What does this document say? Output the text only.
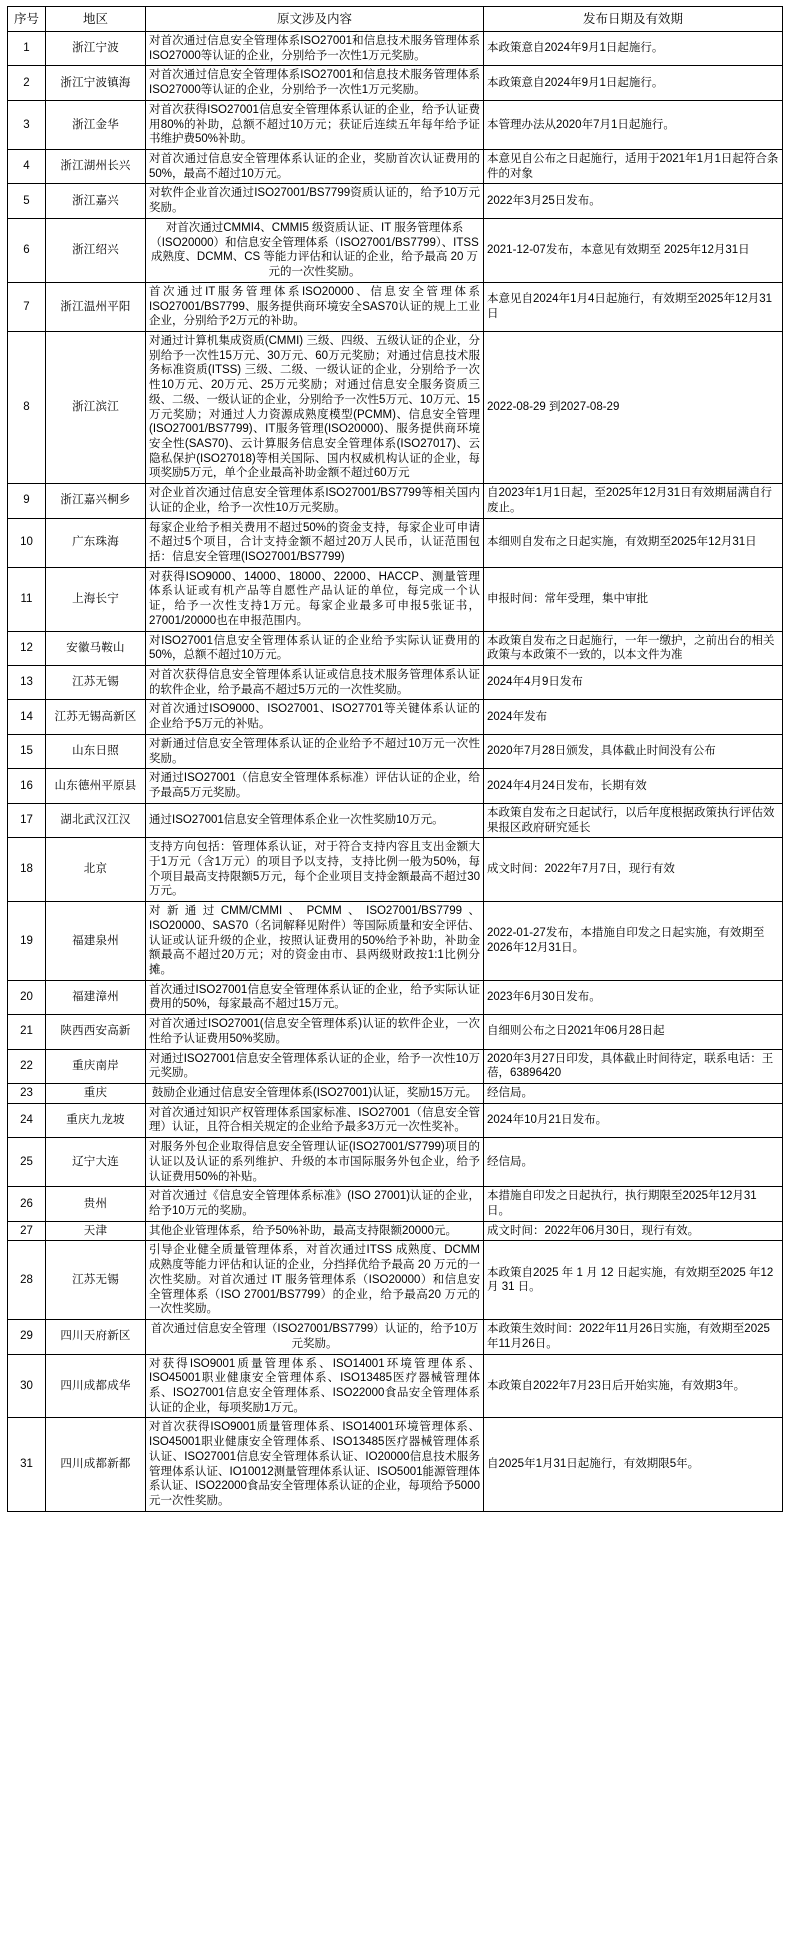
序号	地区	原文涉及内容	发布日期及有效期
1	浙江宁波	对首次通过信息安全管理体系ISO27001和信息技术服务管理体系ISO27000等认证的企业，分别给予一次性1万元奖励。	本政策意自2024年9月1日起施行。
2	浙江宁波镇海	对首次通过信息安全管理体系ISO27001和信息技术服务管理体系ISO27000等认证的企业，分别给予一次性1万元奖励。	本政策意自2024年9月1日起施行。
3	浙江金华	对首次获得ISO27001信息安全管理体系认证的企业，给予认证费用80%的补助，总额不超过10万元；获证后连续五年每年给予证书维护费50%补助。	本管理办法从2020年7月1日起施行。
4	浙江湖州长兴	对首次通过信息安全管理体系认证的企业，奖励首次认证费用的50%，最高不超过10万元。	本意见自公布之日起施行，适用于2021年1月1日起符合条件的对象
5	浙江嘉兴	对软件企业首次通过ISO27001/BS7799资质认证的，给予10万元奖励。	2022年3月25日发布。
6	浙江绍兴	对首次通过CMMI4、CMMI5 级资质认证、IT 服务管理体系（ISO20000）和信息安全管理体系（ISO27001/BS7799）、ITSS 成熟度、DCMM、CS 等能力评估和认证的企业，给予最高 20 万元的一次性奖励。	2021-12-07发布，本意见有效期至 2025年12月31日
7	浙江温州平阳	首次通过IT服务管理体系ISO20000、信息安全管理体系ISO27001/BS7799、服务提供商环境安全SAS70认证的规上工业企业，分别给予2万元的补助。	本意见自2024年1月4日起施行，有效期至2025年12月31日
8	浙江滨江	对通过计算机集成资质(CMMI) 三级、四级、五级认证的企业，分别给予一次性15万元、30万元、60万元奖励；对通过信息技术服务标准资质(ITSS) 三级、二级、一级认证的企业，分别给予一次性10万元、20万元、25万元奖励；对通过信息安全服务资质三级、二级、一级认证的企业，分别给予一次性5万元、10万元、15万元奖励；对通过人力资源成熟度模型(PCMM)、信息安全管理(ISO27001/BS7799)、IT服务管理(ISO20000)、服务提供商环境安全性(SAS70)、云计算服务信息安全管理体系(ISO27017)、云隐私保护(ISO27018)等相关国际、国内权威机构认证的企业，每项奖励5万元，单个企业最高补助金额不超过60万元	2022-08-29 到2027-08-29
9	浙江嘉兴桐乡	对企业首次通过信息安全管理体系ISO27001/BS7799等相关国内认证的企业，给予一次性10万元奖励。	自2023年1月1日起，至2025年12月31日有效期届满自行废止。
10	广东珠海	每家企业给予相关费用不超过50%的资金支持，每家企业可申请不超过5个项目，合计支持金额不超过20万人民币，认证范围包括：信息安全管理(ISO27001/BS7799)	本细则自发布之日起实施，有效期至2025年12月31日
11	上海长宁	对获得ISO9000、14000、18000、22000、HACCP、测量管理体系认证或有机产品等自愿性产品认证的单位，每完成一个认证，给予一次性支持1万元。每家企业最多可申报5张证书，27001/20000也在申报范围内。	申报时间：常年受理，集中审批
12	安徽马鞍山	对ISO27001信息安全管理体系认证的企业给予实际认证费用的50%，总额不超过10万元。	本政策自发布之日起施行，一年一缴护，之前出台的相关政策与本政策不一致的，以本文件为准
13	江苏无锡	对首次获得信息安全管理体系认证或信息技术服务管理体系认证的软件企业，给予最高不超过5万元的一次性奖励。	2024年4月9日发布
14	江苏无锡高新区	对首次通过ISO9000、ISO27001、ISO27701等关键体系认证的企业给予5万元的补贴。	2024年发布
15	山东日照	对新通过信息安全管理体系认证的企业给予不超过10万元一次性奖励。	2020年7月28日颁发，具体截止时间没有公布
16	山东德州平原县	对通过ISO27001（信息安全管理体系标准）评估认证的企业，给予最高5万元奖励。	2024年4月24日发布，长期有效
17	湖北武汉江汉	通过ISO27001信息安全管理体系企业一次性奖励10万元。	本政策自发布之日起试行，以后年度根据政策执行评估效果报区政府研究延长
18	北京	支持方向包括：管理体系认证，对于符合支持内容且支出金额大于1万元（含1万元）的项目予以支持，支持比例一般为50%，每个项目最高支持限额5万元，每个企业项目支持金额最高不超过30万元。	成文时间：2022年7月7日，现行有效
19	福建泉州	对新通过CMM/CMMI、PCMM、ISO27001/BS7799、ISO20000、SAS70（名词解释见附件）等国际质量和安全评估、认证或认证升级的企业，按照认证费用的50%给予补助，补助金额最高不超过20万元；对的资金由市、县两级财政按1:1比例分摊。	2022-01-27发布，本措施自印发之日起实施，有效期至2026年12月31日。
20	福建漳州	首次通过ISO27001信息安全管理体系认证的企业，给予实际认证费用的50%，每家最高不超过15万元。	2023年6月30日发布。
21	陕西西安高新	对首次通过ISO27001(信息安全管理体系)认证的软件企业，一次性给予认证费用50%奖励。	自细则公布之日2021年06月28日起
22	重庆南岸	对通过ISO27001信息安全管理体系认证的企业，给予一次性10万元奖励。	2020年3月27日印发，具体截止时间待定，联系电话：王蓓，63896420
23	重庆	鼓励企业通过信息安全管理体系(ISO27001)认证，奖励15万元。	经信局。
24	重庆九龙坡	对首次通过知识产权管理体系国家标准、ISO27001（信息安全管理）认证，且符合相关规定的企业给予最多3万元一次性奖补。	2024年10月21日发布。
25	辽宁大连	对服务外包企业取得信息安全管理认证(ISO27001/S7799)项目的认证以及认证的系列维护、升级的本市国际服务外包企业，给予认证费用50%的补贴。	经信局。
26	贵州	对首次通过《信息安全管理体系标准》(ISO 27001)认证的企业，给予10万元的奖励。	本措施自印发之日起执行，执行期限至2025年12月31日。
27	天津	其他企业管理体系，给予50%补助，最高支持限额20000元。	成文时间：2022年06月30日，现行有效。
28	江苏无锡	引导企业健全质量管理体系，对首次通过ITSS 成熟度、DCMM 成熟度等能力评估和认证的企业，分挡择优给予最高 20 万元的一次性奖励。对首次通过 IT 服务管理体系（ISO20000）和信息安全管理体系（ISO 27001/BS7799）的企业，给予最高20 万元的一次性奖励。	本政策自2025 年 1 月 12 日起实施，有效期至2025 年12 月 31 日。
29	四川天府新区	首次通过信息安全管理（ISO27001/BS7799）认证的，给予10万元奖励。	本政策生效时间：2022年11月26日实施，有效期至2025年11月26日。
30	四川成都成华	对获得ISO9001质量管理体系、ISO14001环境管理体系、ISO45001职业健康安全管理体系、ISO13485医疗器械管理体系、ISO27001信息安全管理体系、ISO22000食品安全管理体系认证的企业，每项奖励1万元。	本政策自2022年7月23日后开始实施，有效期3年。
31	四川成都新都	对首次获得ISO9001质量管理体系、ISO14001环境管理体系、ISO45001职业健康安全管理体系、ISO13485医疗器械管理体系认证、ISO27001信息安全管理体系认证、IO20000信息技术服务管理体系认证、IO10012测量管理体系认证、ISO5001能源管理体系认证、ISO22000食品安全管理体系认证的企业，每项给予5000元一次性奖励。	自2025年1月31日起施行，有效期限5年。
